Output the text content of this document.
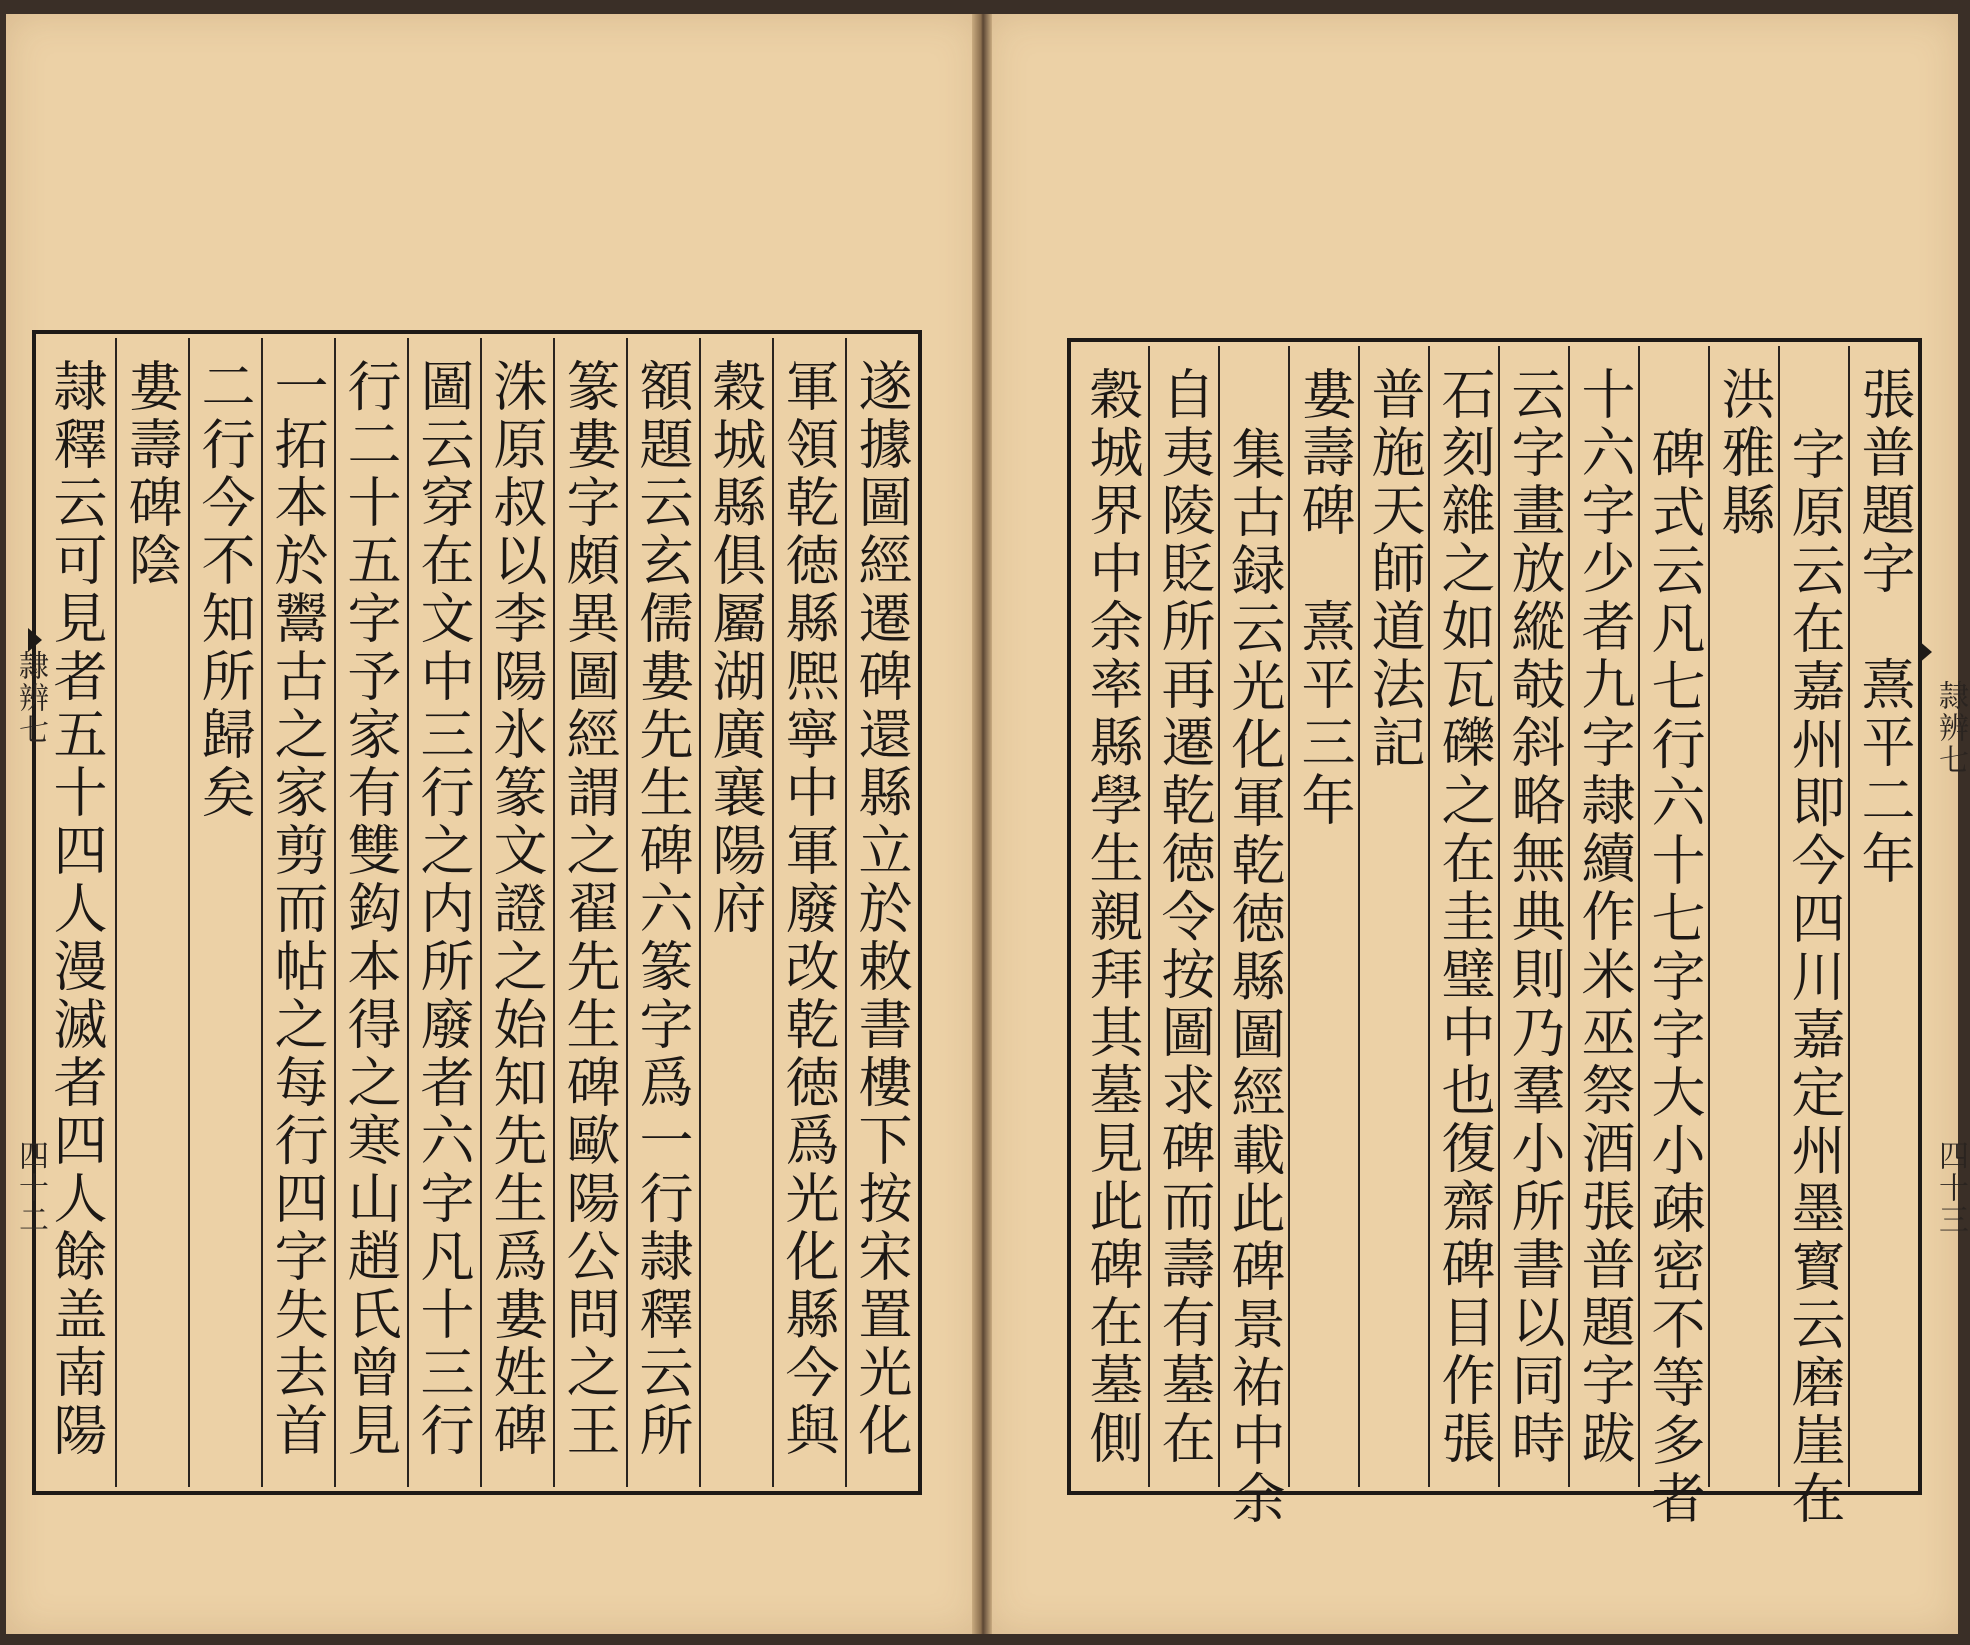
遂據圖經遷碑還縣立於敕書樓下按宋置光化
軍領乾徳縣熈寧中軍廢改乾徳爲光化縣今與
穀城縣俱屬湖廣襄陽府
額題云玄儒婁先生碑六篆字爲一行隷釋云所
篆婁字頗異圖經謂之翟先生碑歐陽公問之王
洙原叔以李陽氷篆文證之始知先生爲婁姓碑
圖云穿在文中三行之内所廢者六字凡十三行
行二十五字予家有雙鈎本得之寒山趙氏曾見
一拓本於鬻古之家剪而帖之每行四字失去首
二行今不知所歸矣
婁壽碑陰
隷釋云可見者五十四人漫滅者四人餘盖南陽
隷辨七
四十二
張普題字　熹平二年
字原云在嘉州即今四川嘉定州墨寳云磨崖在
洪雅縣
碑式云凡七行六十七字字大小疎密不等多者
十六字少者九字隷續作米巫祭酒張普題字跋
云字畫放縱攲斜略無典則乃羣小所書以同時
石刻雜之如瓦礫之在圭璧中也復齋碑目作張
普施天師道法記
婁壽碑　熹平三年
集古録云光化軍乾徳縣圖經載此碑景祐中余
自夷陵貶所再遷乾徳令按圖求碑而壽有墓在
穀城界中余率縣學生親拜其墓見此碑在墓側	隷辨七
四十三
